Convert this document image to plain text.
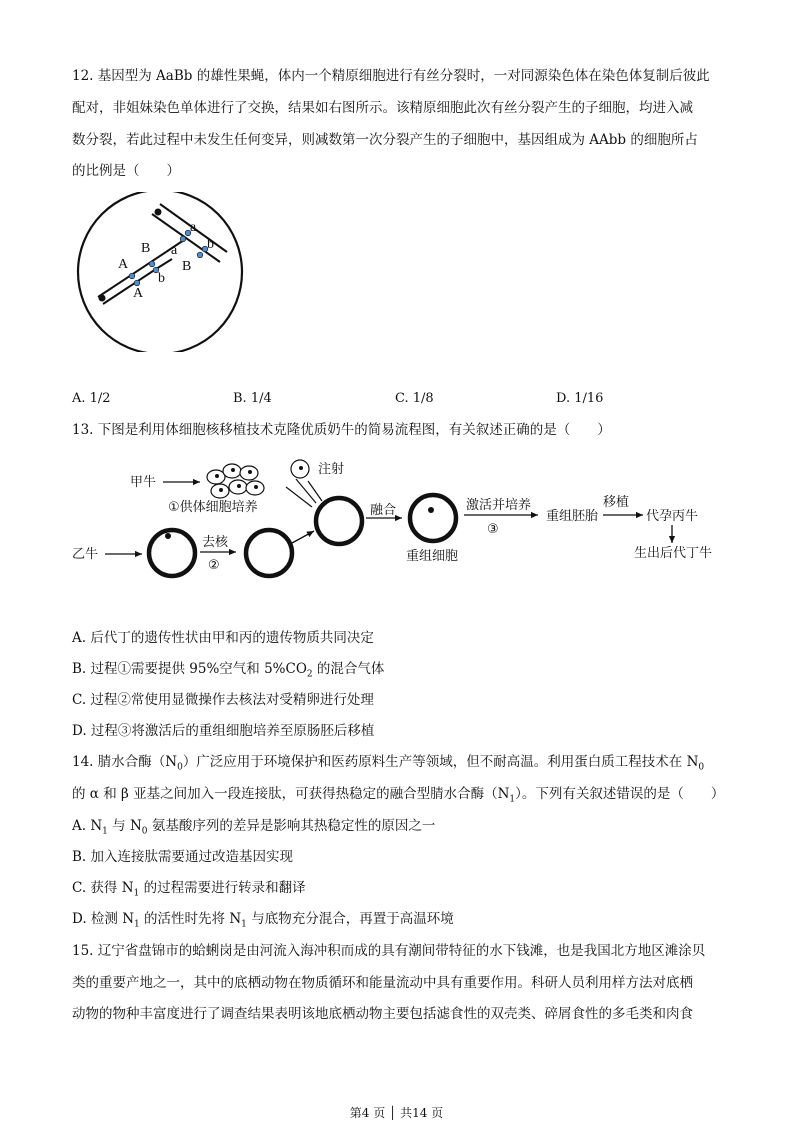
12. 基因型为 AaBb 的雄性果蝇，体内一个精原细胞进行有丝分裂时，一对同源染色体在染色体复制后彼此
配对，非姐妹染色单体进行了交换，结果如右图所示。该精原细胞此次有丝分裂产生的子细胞，均进入减
数分裂，若此过程中未发生任何变异，则减数第一次分裂产生的子细胞中，基因组成为 AAbb 的细胞所占
的比例是（　　）
a
B a b
B
A
b
A
A. 1/2	B. 1/4	C. 1/8	D. 1/16
13. 下图是利用体细胞核移植技术克隆优质奶牛的简易流程图，有关叙述正确的是（　　）
甲牛
①供体细胞培养
注射
融合
重组细胞
激活并培养
③
重组胚胎
移植
代孕丙牛
生出后代丁牛
乙牛
去核
②
A. 后代丁的遗传性状由甲和丙的遗传物质共同决定
B. 过程①需要提供 95%空气和 $5\%CO_2$ 的混合气体
C. 过程②常使用显微操作去核法对受精卵进行处理
D. 过程③将激活后的重组细胞培养至原肠胚后移植
14. 腈水合酶$(N_0)$广泛应用于环境保护和医药原料生产等领域，但不耐高温。利用蛋白质工程技术在 $N_0$
的 α 和 β 亚基之间加入一段连接肽，可获得热稳定的融合型腈水合酶$(N_1)$。下列有关叙述错误的是（　　）
A. $N_1$ 与 $N_0$ 氨基酸序列的差异是影响其热稳定性的原因之一
B. 加入连接肽需要通过改造基因实现
C. 获得 $N_1$ 的过程需要进行转录和翻译
D. 检测 $N_1$ 的活性时先将 $N_1$ 与底物充分混合，再置于高温环境
15. 辽宁省盘锦市的蛤蜊岗是由河流入海冲积而成的具有潮间带特征的水下钱滩，也是我国北方地区滩涂贝
类的重要产地之一，其中的底栖动物在物质循环和能量流动中具有重要作用。科研人员利用样方法对底栖
动物的物种丰富度进行了调查结果表明该地底栖动物主要包括滤食性的双壳类、碎屑食性的多毛类和肉食
第4 页 │ 共14 页
